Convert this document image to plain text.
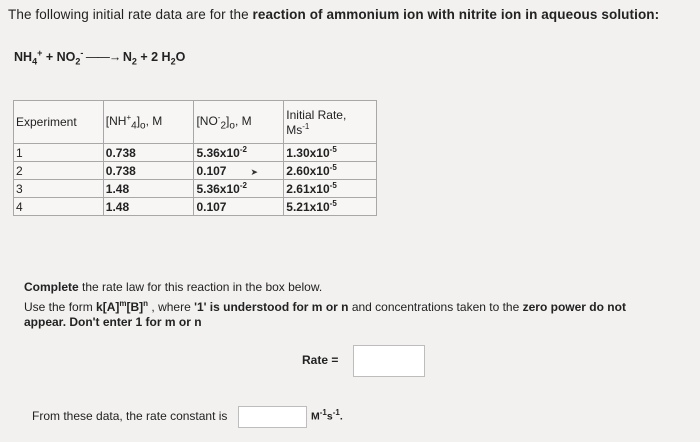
The following initial rate data are for the reaction of ammonium ion with nitrite ion in aqueous solution:
$NH_4^+ + NO_2^-$ ——→ $N_2 + 2$ $H_2O$
Experiment	$[NH^+_4]_o$, M	$[NO^-_2]_o$, M	Initial Rate,
$Ms^{-1}$

1	0.738	$5.36x10^{-2}$	$1.30x10^{-5}$
2	0.738	0.107 ➤	$2.60x10^{-5}$
3	1.48	$5.36x10^{-2}$	$2.61x10^{-5}$
4	1.48	0.107	$5.21x10^{-5}$
Complete the rate law for this reaction in the box below.
Use the form $k[A]^m[B]^n$ , where '1' is understood for m or n and concentrations taken to the zero power do not
appear. Don't enter 1 for m or n
Rate =
From these data, the rate constant is	$M^{-1}s^{-1}$.
